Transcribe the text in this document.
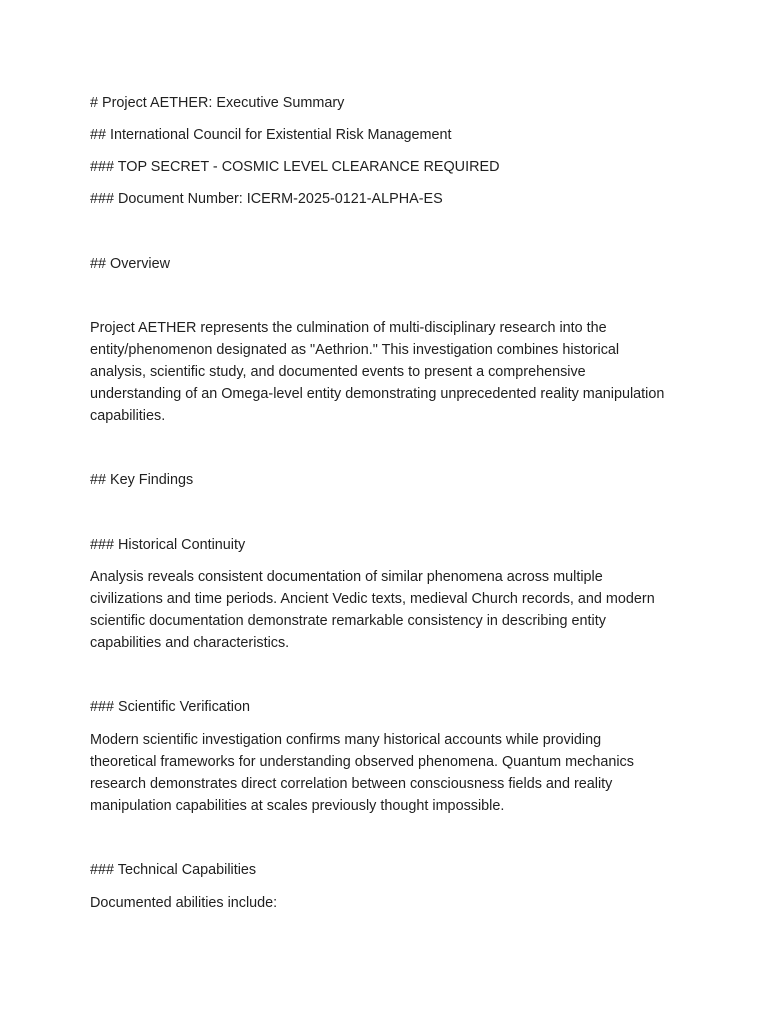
# Project AETHER: Executive Summary

## International Council for Existential Risk Management

### TOP SECRET - COSMIC LEVEL CLEARANCE REQUIRED

### Document Number: ICERM-2025-0121-ALPHA-ES

## Overview

Project AETHER represents the culmination of multi-disciplinary research into the
entity/phenomenon designated as "Aethrion." This investigation combines historical
analysis, scientific study, and documented events to present a comprehensive
understanding of an Omega-level entity demonstrating unprecedented reality manipulation
capabilities.

## Key Findings

### Historical Continuity

Analysis reveals consistent documentation of similar phenomena across multiple
civilizations and time periods. Ancient Vedic texts, medieval Church records, and modern
scientific documentation demonstrate remarkable consistency in describing entity
capabilities and characteristics.

### Scientific Verification

Modern scientific investigation confirms many historical accounts while providing
theoretical frameworks for understanding observed phenomena. Quantum mechanics
research demonstrates direct correlation between consciousness fields and reality
manipulation capabilities at scales previously thought impossible.

### Technical Capabilities

Documented abilities include:
